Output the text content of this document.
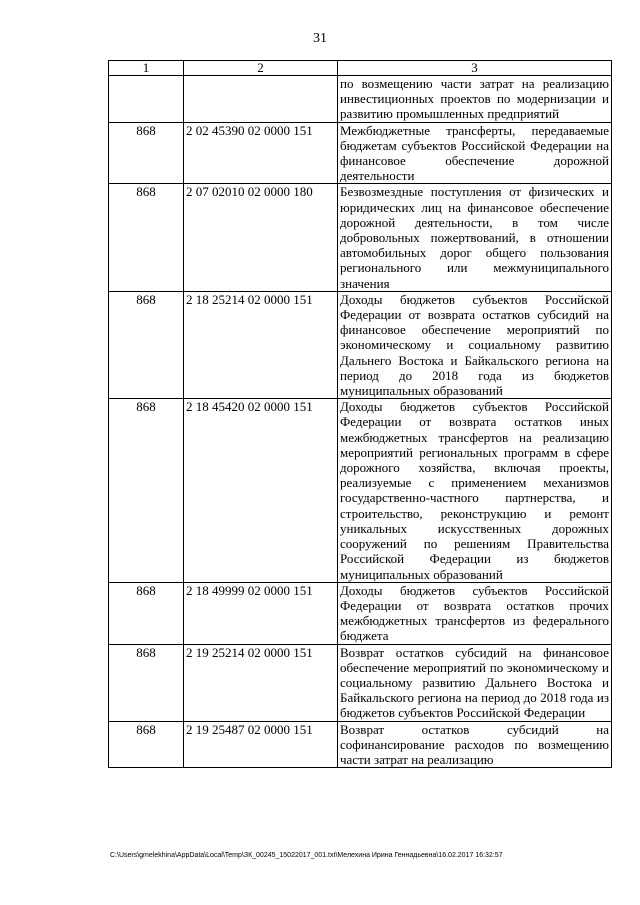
31
1	2	3
		по возмещению части затрат на реализацию инвестиционных проектов по модернизации и развитию промышленных предприятий
868	2 02 45390 02 0000 151	Межбюджетные трансферты, передаваемые бюджетам субъектов Российской Федерации на финансовое обеспечение дорожной деятельности
868	2 07 02010 02 0000 180	Безвозмездные поступления от физических и юридических лиц на финансовое обеспечение дорожной деятельности, в том числе добровольных пожертвований, в отношении автомобильных дорог общего пользования регионального или межмуниципального значения
868	2 18 25214 02 0000 151	Доходы бюджетов субъектов Российской Федерации от возврата остатков субсидий на финансовое обеспечение мероприятий по экономическому и социальному развитию Дальнего Востока и Байкальского региона на период до 2018 года из бюджетов муниципальных образований
868	2 18 45420 02 0000 151	Доходы бюджетов субъектов Российской Федерации от возврата остатков иных межбюджетных трансфертов на реализацию мероприятий региональных программ в сфере дорожного хозяйства, включая проекты, реализуемые с применением механизмов государственно-частного партнерства, и строительство, реконструкцию и ремонт уникальных искусственных дорожных сооружений по решениям Правительства Российской Федерации из бюджетов муниципальных образований
868	2 18 49999 02 0000 151	Доходы бюджетов субъектов Российской Федерации от возврата остатков прочих межбюджетных трансфертов из федерального бюджета
868	2 19 25214 02 0000 151	Возврат остатков субсидий на финансовое обеспечение мероприятий по экономическому и социальному развитию Дальнего Востока и Байкальского региона на период до 2018 года из бюджетов субъектов Российской Федерации
868	2 19 25487 02 0000 151	Возврат остатков субсидий на софинансирование расходов по возмещению части затрат на реализацию
C:\Users\gmelekhina\AppData\Local\Temp\ЗК_00245_15022017_001.txt\Мелехина Ирина Геннадьевна\16.02.2017 16:32:57
